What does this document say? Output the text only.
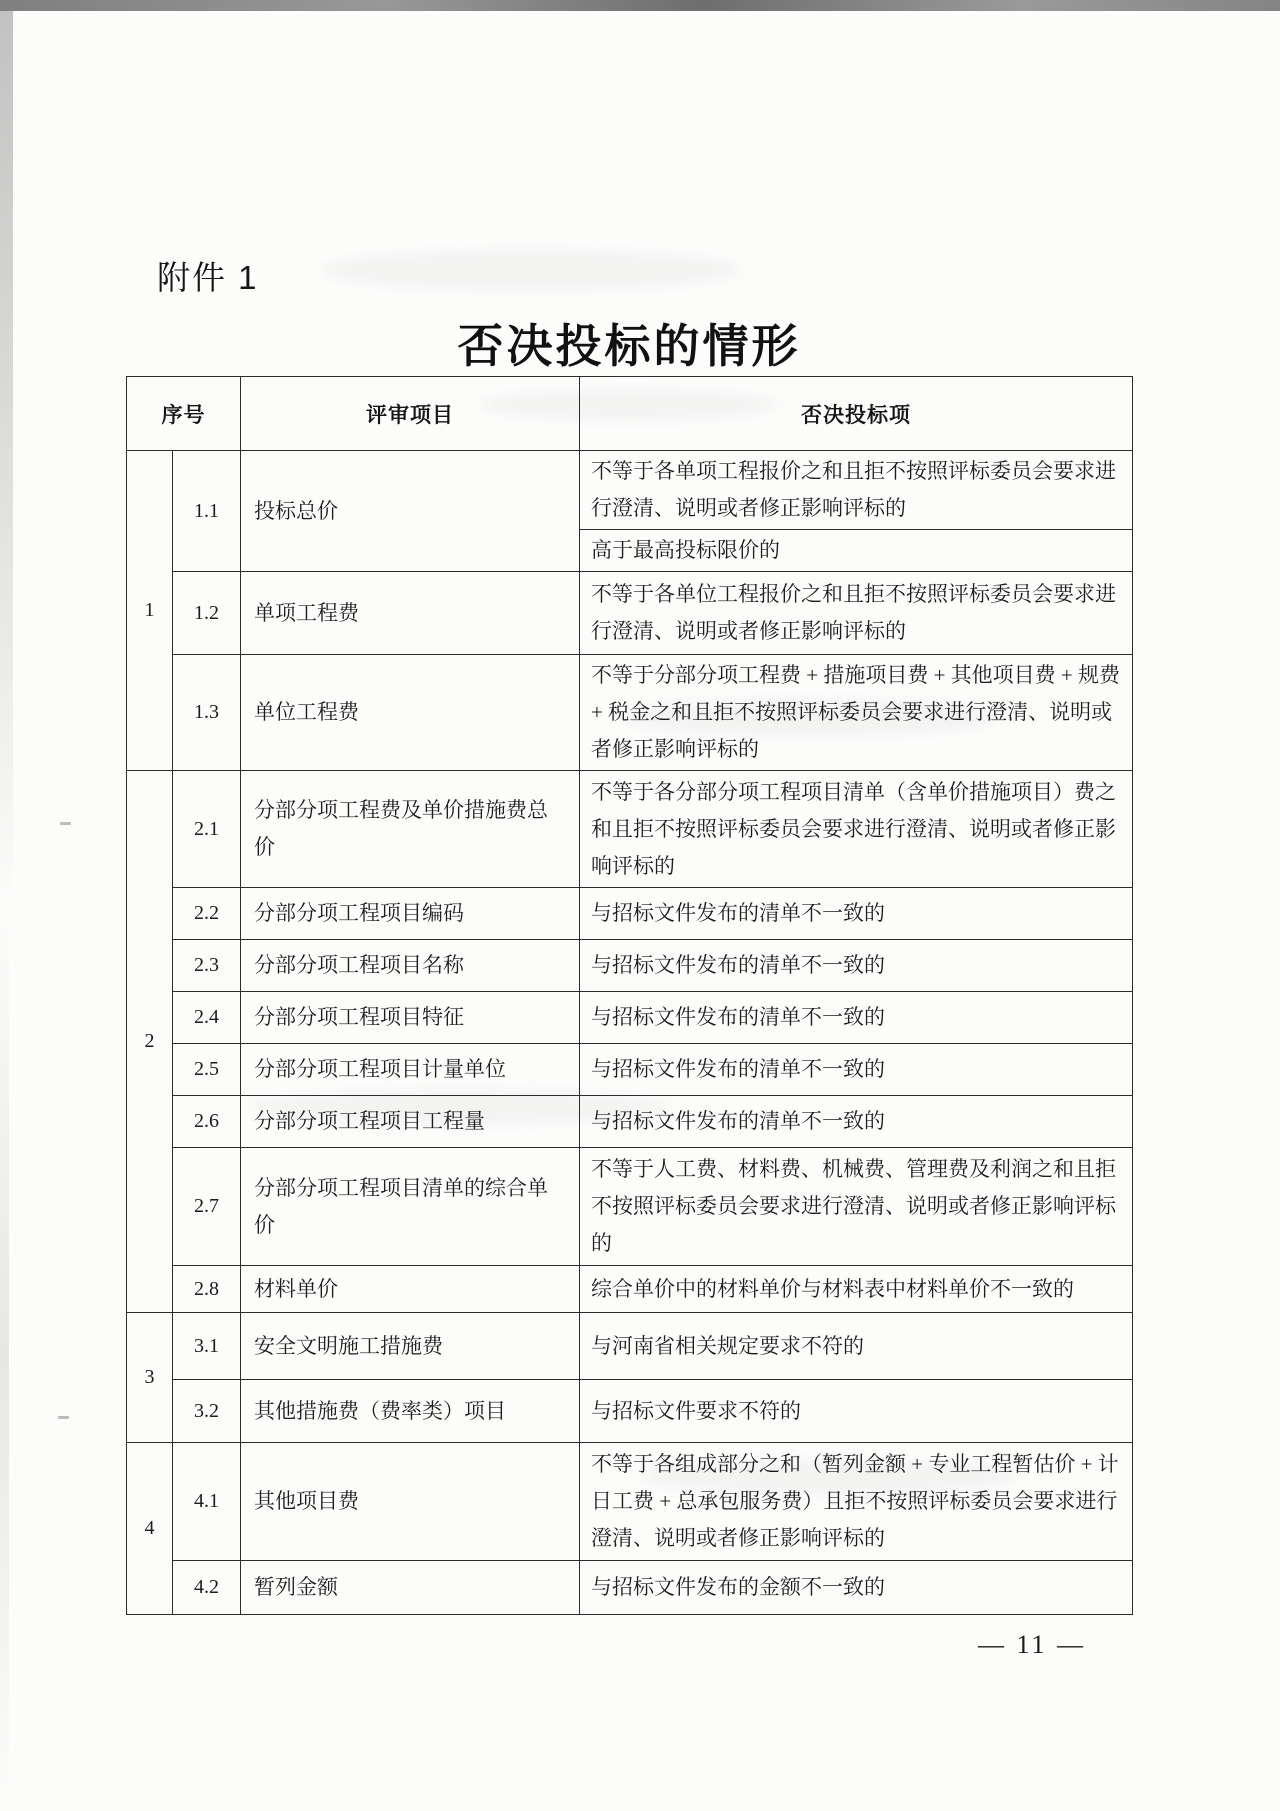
附件 1
否决投标的情形
序号		评审项目	否决投标项
1	1.1	投标总价	不等于各单项工程报价之和且拒不按照评标委员会要求进行澄清、说明或者修正影响评标的
			高于最高投标限价的
	1.2	单项工程费	不等于各单位工程报价之和且拒不按照评标委员会要求进行澄清、说明或者修正影响评标的
	1.3	单位工程费	不等于分部分项工程费 + 措施项目费 + 其他项目费 + 规费 + 税金之和且拒不按照评标委员会要求进行澄清、说明或者修正影响评标的
2	2.1	分部分项工程费及单价措施费总价	不等于各分部分项工程项目清单（含单价措施项目）费之和且拒不按照评标委员会要求进行澄清、说明或者修正影响评标的
	2.2	分部分项工程项目编码	与招标文件发布的清单不一致的
	2.3	分部分项工程项目名称	与招标文件发布的清单不一致的
	2.4	分部分项工程项目特征	与招标文件发布的清单不一致的
	2.5	分部分项工程项目计量单位	与招标文件发布的清单不一致的
	2.6	分部分项工程项目工程量	与招标文件发布的清单不一致的
	2.7	分部分项工程项目清单的综合单价	不等于人工费、材料费、机械费、管理费及利润之和且拒不按照评标委员会要求进行澄清、说明或者修正影响评标的
	2.8	材料单价	综合单价中的材料单价与材料表中材料单价不一致的
3	3.1	安全文明施工措施费	与河南省相关规定要求不符的
	3.2	其他措施费（费率类）项目	与招标文件要求不符的
4	4.1	其他项目费	不等于各组成部分之和（暂列金额 + 专业工程暂估价 + 计日工费 + 总承包服务费）且拒不按照评标委员会要求进行澄清、说明或者修正影响评标的
	4.2	暂列金额	与招标文件发布的金额不一致的
— 11 —
